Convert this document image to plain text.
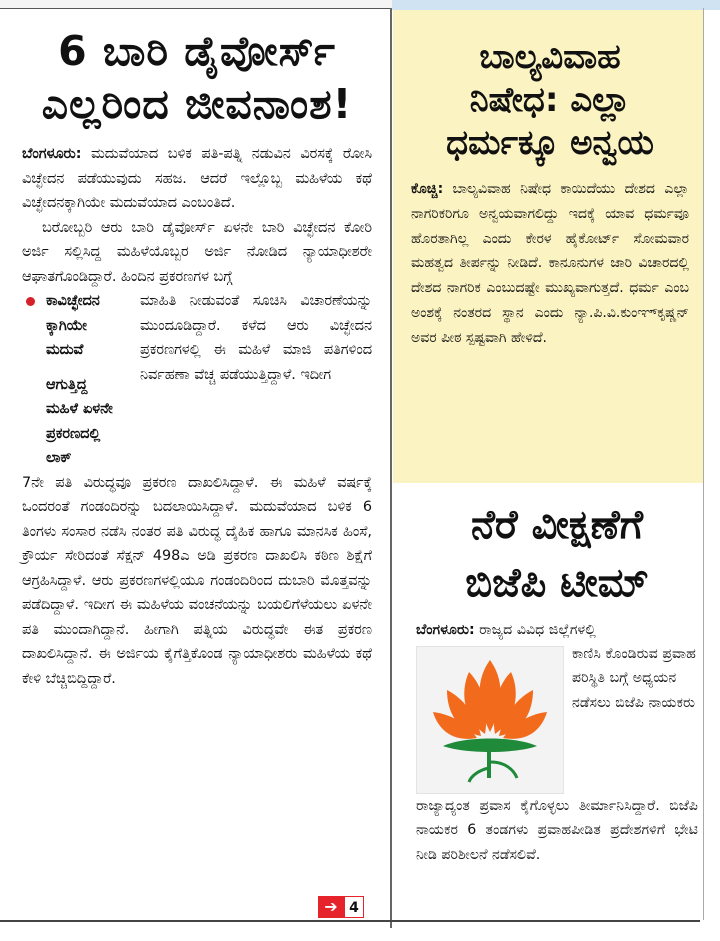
6 ಬಾರಿ ಡೈವೋರ್ಸ್
ಎಲ್ಲರಿಂದ ಜೀವನಾಂಶ!

ಬೆಂಗಳೂರು: ಮದುವೆಯಾದ ಬಳಿಕ ಪತಿ-ಪತ್ನಿ ನಡುವಿನ ವಿರಸಕ್ಕೆ ರೋಸಿ ವಿಚ್ಛೇದನ ಪಡೆಯುವುದು ಸಹಜ. ಆದರೆ ಇಲ್ಲೊಬ್ಬ ಮಹಿಳೆಯ ಕಥೆ ವಿಚ್ಛೇದನಕ್ಕಾಗಿಯೇ ಮದುವೆಯಾದ ಎಂಬಂತಿದೆ.

ಬರೋಬ್ಬರಿ ಆರು ಬಾರಿ ಡೈವೋರ್ಸ್ ಏಳನೇ ಬಾರಿ ವಿಚ್ಛೇದನ ಕೋರಿ ಅರ್ಜಿ ಸಲ್ಲಿಸಿದ್ದ ಮಹಿಳೆಯೊಬ್ಬರ ಅರ್ಜಿ ನೋಡಿದ ನ್ಯಾಯಾಧೀಶರೇ ಆಘಾತಗೊಂಡಿದ್ದಾರೆ. ಹಿಂದಿನ ಪ್ರಕರಣಗಳ ಬಗ್ಗೆ

ಕಾವಿಚ್ಛೇದನ
ಕ್ಕಾಗಿಯೇ
ಮದುವೆ
ಆಗುತ್ತಿದ್ದ
ಮಹಿಳೆ ಏಳನೇ
ಪ್ರಕರಣದಲ್ಲಿ
ಲಾಕ್
ಮಾಹಿತಿ ನೀಡುವಂತೆ ಸೂಚಿಸಿ ವಿಚಾರಣೆಯನ್ನು ಮುಂದೂಡಿದ್ದಾರೆ. ಕಳೆದ ಆರು ವಿಚ್ಛೇದನ ಪ್ರಕರಣಗಳಲ್ಲಿ ಈ ಮಹಿಳೆ ಮಾಜಿ ಪತಿಗಳಿಂದ ನಿರ್ವಹಣಾ ವೆಚ್ಚ ಪಡೆಯುತ್ತಿದ್ದಾಳೆ. ಇದೀಗ

7ನೇ ಪತಿ ವಿರುದ್ಧವೂ ಪ್ರಕರಣ ದಾಖಲಿಸಿದ್ದಾಳೆ. ಈ ಮಹಿಳೆ ವರ್ಷಕ್ಕೆ ಒಂದರಂತೆ ಗಂಡಂದಿರನ್ನು ಬದಲಾಯಿಸಿದ್ದಾಳೆ. ಮದುವೆಯಾದ ಬಳಿಕ 6 ತಿಂಗಳು ಸಂಸಾರ ನಡೆಸಿ ನಂತರ ಪತಿ ವಿರುದ್ಧ ದೈಹಿಕ ಹಾಗೂ ಮಾನಸಿಕ ಹಿಂಸೆ, ಕ್ರೌರ್ಯ ಸೇರಿದಂತೆ ಸೆಕ್ಷನ್ 498ಎ ಅಡಿ ಪ್ರಕರಣ ದಾಖಲಿಸಿ ಕಠಿಣ ಶಿಕ್ಷೆಗೆ ಆಗ್ರಹಿಸಿದ್ದಾಳೆ. ಆರು ಪ್ರಕರಣಗಳಲ್ಲಿಯೂ ಗಂಡಂದಿರಿಂದ ದುಬಾರಿ ಮೊತ್ತವನ್ನು ಪಡೆದಿದ್ದಾಳೆ. ಇದೀಗ ಈ ಮಹಿಳೆಯ ವಂಚನೆಯನ್ನು ಬಯಲಿಗೆಳೆಯಲು ಏಳನೇ ಪತಿ ಮುಂದಾಗಿದ್ದಾನೆ. ಹೀಗಾಗಿ ಪತ್ನಿಯ ವಿರುದ್ಧವೇ ಈತ ಪ್ರಕರಣ ದಾಖಲಿಸಿದ್ದಾನೆ. ಈ ಅರ್ಜಿಯ ಕೈಗೆತ್ತಿಕೊಂಡ ನ್ಯಾಯಾಧೀಶರು ಮಹಿಳೆಯ ಕಥೆ ಕೇಳಿ ಬೆಚ್ಚಿಬಿದ್ದಿದ್ದಾರೆ.

➔ 4
ಬಾಲ್ಯವಿವಾಹ
ನಿಷೇಧ: ಎಲ್ಲಾ
ಧರ್ಮಕ್ಕೂ ಅನ್ವಯ

ಕೊಚ್ಚಿ: ಬಾಲ್ಯವಿವಾಹ ನಿಷೇಧ ಕಾಯಿದೆಯು ದೇಶದ ಎಲ್ಲಾ ನಾಗರಿಕರಿಗೂ ಅನ್ವಯವಾಗಲಿದ್ದು ಇದಕ್ಕೆ ಯಾವ ಧರ್ಮವೂ ಹೊರತಾಗಿಲ್ಲ ಎಂದು ಕೇರಳ ಹೈಕೋರ್ಟ್ ಸೋಮವಾರ ಮಹತ್ವದ ತೀರ್ಪನ್ನು ನೀಡಿದೆ. ಕಾನೂನುಗಳ ಜಾರಿ ವಿಚಾರದಲ್ಲಿ ದೇಶದ ನಾಗರಿಕ ಎಂಬುದಷ್ಟೇ ಮುಖ್ಯವಾಗುತ್ತದೆ. ಧರ್ಮ ಎಂಬ ಅಂಶಕ್ಕೆ ನಂತರದ ಸ್ಥಾನ ಎಂದು ನ್ಯಾ.ಪಿ.ವಿ.ಕುಂಞ್‌ಕೃಷ್ಣನ್ ಅವರ ಪೀಠ ಸ್ಪಷ್ಟವಾಗಿ ಹೇಳಿದೆ.

ನೆರೆ ವೀಕ್ಷಣೆಗೆ
ಬಿಜೆಪಿ ಟೀಮ್
ಬೆಂಗಳೂರು: ರಾಜ್ಯದ ವಿವಿಧ ಜಿಲ್ಲೆಗಳಲ್ಲಿ
ಕಾಣಿಸಿ ಕೊಂಡಿರುವ ಪ್ರವಾಹ ಪರಿಸ್ಥಿತಿ ಬಗ್ಗೆ ಅಧ್ಯಯನ ನಡೆಸಲು ಬಿಜೆಪಿ ನಾಯಕರು
ರಾಜ್ಯಾದ್ಯಂತ ಪ್ರವಾಸ ಕೈಗೊಳ್ಳಲು ತೀರ್ಮಾನಿಸಿದ್ದಾರೆ. ಬಿಜೆಪಿ ನಾಯಕರ 6 ತಂಡಗಳು ಪ್ರವಾಹಪೀಡಿತ ಪ್ರದೇಶಗಳಿಗೆ ಭೇಟಿ ನೀಡಿ ಪರಿಶೀಲನೆ ನಡೆಸಲಿವೆ.
